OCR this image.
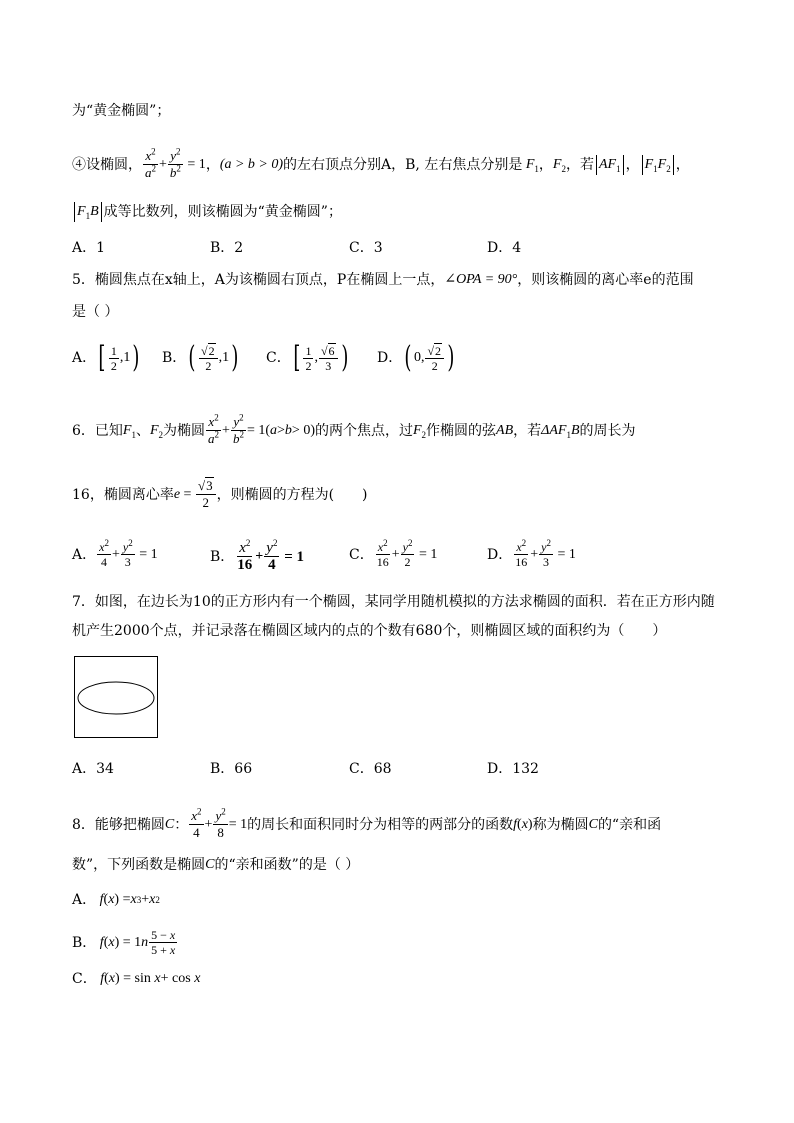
为“黄金椭圆”；
④设椭圆， $\frac{x^2}{a^2} + \frac{y^2}{b^2} = 1$ ， (a > b > 0) 的左右顶点分别A，B, 左右焦点分别是 $F_1$ ， $F_2$ ，若 $AF_1$ ， $F_1F_2$ ，
$F_1B$ 成等比数列，则该椭圆为“黄金椭圆”；
A．1	B．2	C．3	D．4
5．椭圆焦点在x轴上，A为该椭圆右顶点，P在椭圆上一点， ∠OPA = 90° ，则该椭圆的离心率e的范围
是（ ）
A． [ $\frac{1}{2} ,1$ ) B． ( $\frac{√2}{2} ,1$ ) C． [ $\frac{1}{2}$ , $\frac{√6}{3}$ ) D． ( 0, $\frac{√2}{2}$ )
6．已知 $F_1$ 、 $F_2$ 为椭圆 $\frac{x^2}{a^2} + \frac{y^2}{b^2} = 1$( a > b > 0) 的两个焦点，过 $F_2$ 作椭圆的弦 AB ，若 $\Delta AF_1B$ 的周长为
16，椭圆离心率 $e = \frac{√3}{2}$ ，则椭圆的方程为(　　)
A． $\frac{x^2}{4} + \frac{y^2}{3} = 1$	B． $\frac{x^2}{16} + \frac{y^2}{4} = 1$	C． $\frac{x^2}{16} + \frac{y^2}{2} = 1$	D． $\frac{x^2}{16} + \frac{y^2}{3} = 1$
7．如图，在边长为10的正方形内有一个椭圆，某同学用随机模拟的方法求椭圆的面积．若在正方形内随
机产生2000个点，并记录落在椭圆区域内的点的个数有680个，则椭圆区域的面积约为（　　）
A．34	B．66	C．68	D．132
8．能够把椭圆 C ： $\frac{x^2}{4} + \frac{y^2}{8} = 1$ 的周长和面积同时分为相等的两部分的函数 f ( x ) 称为椭圆 C 的“亲和函
数”，下列函数是椭圆 C 的“亲和函数”的是（ ）
A． f ( x ) = x 3 + x 2
B． f ( x ) = 1 n $\frac{5 - x}{5 + x}$
C． f ( x ) = sin x + cos x
